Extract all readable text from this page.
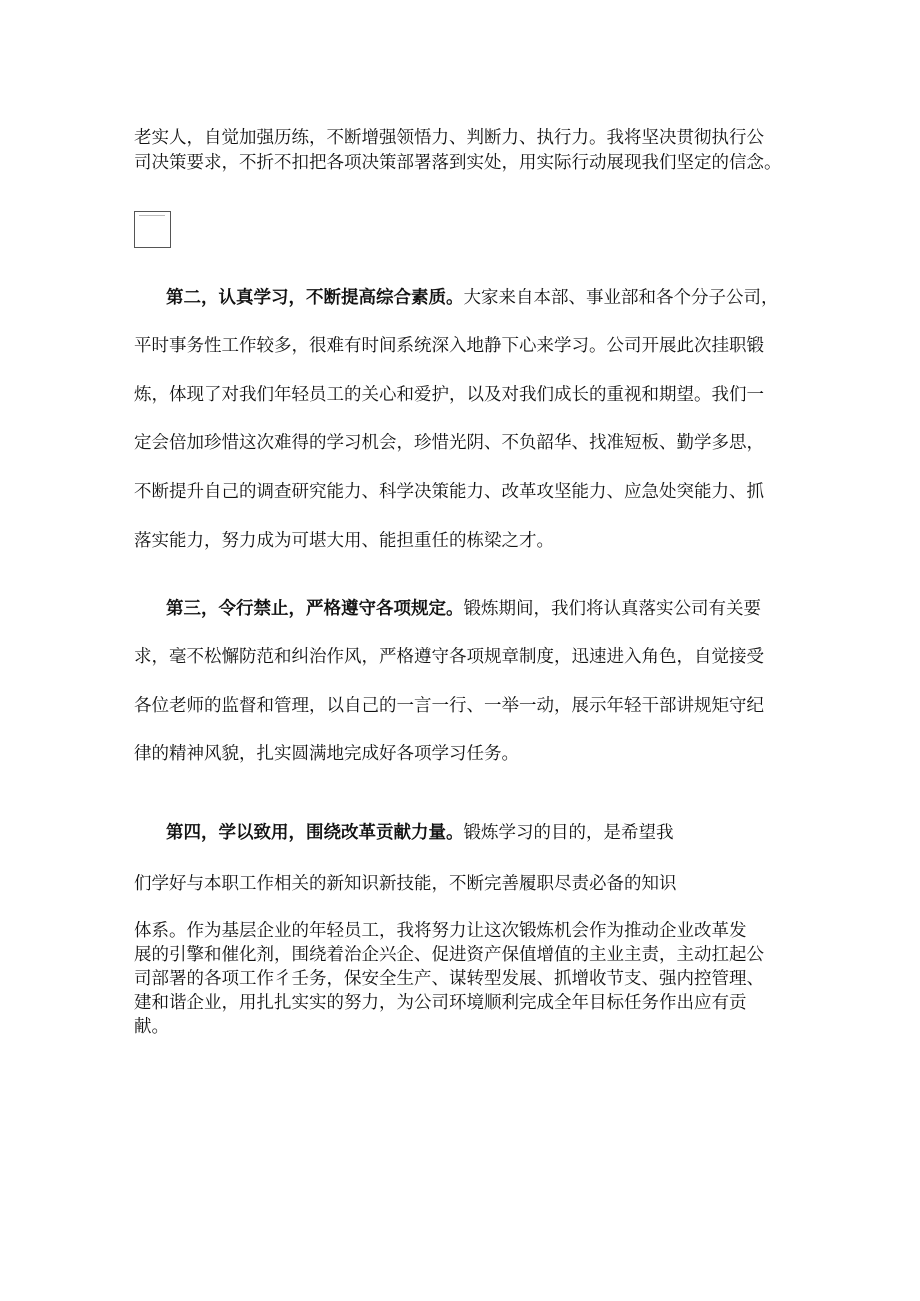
老实人，自觉加强历练，不断增强领悟力、判断力、执行力。我将坚决贯彻执行公
司决策要求，不折不扣把各项决策部署落到实处，用实际行动展现我们坚定的信念。
第二，认真学习，不断提高综合素质。大家来自本部、事业部和各个分子公司，
平时事务性工作较多，很难有时间系统深入地静下心来学习。公司开展此次挂职锻
炼，体现了对我们年轻员工的关心和爱护，以及对我们成长的重视和期望。我们一
定会倍加珍惜这次难得的学习机会，珍惜光阴、不负韶华、找准短板、勤学多思，
不断提升自己的调查研究能力、科学决策能力、改革攻坚能力、应急处突能力、抓
落实能力，努力成为可堪大用、能担重任的栋梁之才。
第三，令行禁止，严格遵守各项规定。锻炼期间，我们将认真落实公司有关要
求，毫不松懈防范和纠治作风，严格遵守各项规章制度，迅速进入角色，自觉接受
各位老师的监督和管理，以自己的一言一行、一举一动，展示年轻干部讲规矩守纪
律的精神风貌，扎实圆满地完成好各项学习任务。
第四，学以致用，围绕改革贡献力量。锻炼学习的目的，是希望我
们学好与本职工作相关的新知识新技能，不断完善履职尽责必备的知识
体系。作为基层企业的年轻员工，我将努力让这次锻炼机会作为推动企业改革发
展的引擎和催化剂，围绕着治企兴企、促进资产保值增值的主业主责，主动扛起公
司部署的各项工作彳壬务，保安全生产、谋转型发展、抓增收节支、强内控管理、
建和谐企业，用扎扎实实的努力，为公司环境顺利完成全年目标任务作出应有贡
献。
